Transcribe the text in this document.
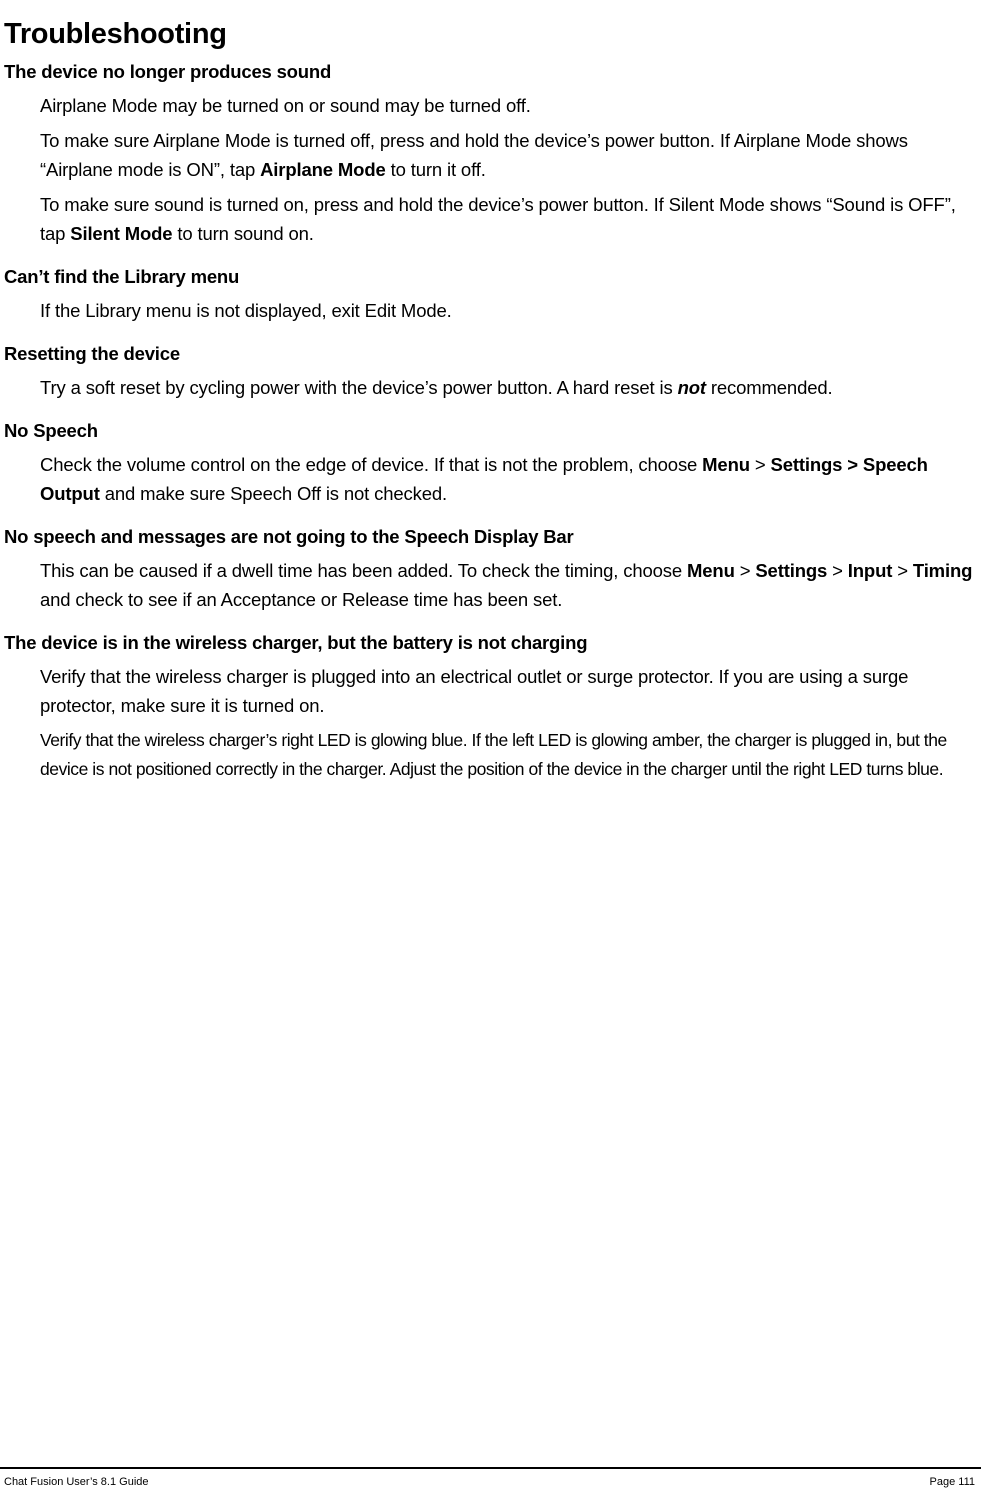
Troubleshooting
The device no longer produces sound

Airplane Mode may be turned on or sound may be turned off.

To make sure Airplane Mode is turned off, press and hold the device’s power button. If Airplane Mode shows “Airplane mode is ON”, tap Airplane Mode to turn it off.

To make sure sound is turned on, press and hold the device’s power button. If Silent Mode shows “Sound is OFF”, tap Silent Mode to turn sound on.

Can’t find the Library menu

If the Library menu is not displayed, exit Edit Mode.

Resetting the device

Try a soft reset by cycling power with the device’s power button. A hard reset is not recommended.

No Speech

Check the volume control on the edge of device. If that is not the problem, choose Menu > Settings > Speech Output and make sure Speech Off is not checked.

No speech and messages are not going to the Speech Display Bar

This can be caused if a dwell time has been added. To check the timing, choose Menu > Settings > Input > Timing and check to see if an Acceptance or Release time has been set.

The device is in the wireless charger, but the battery is not charging

Verify that the wireless charger is plugged into an electrical outlet or surge protector. If you are using a surge protector, make sure it is turned on.

Verify that the wireless charger’s right LED is glowing blue. If the left LED is glowing amber, the charger is plugged in, but the device is not positioned correctly in the charger. Adjust the position of the device in the charger until the right LED turns blue.

Chat Fusion User’s 8.1 Guide	Page 111
